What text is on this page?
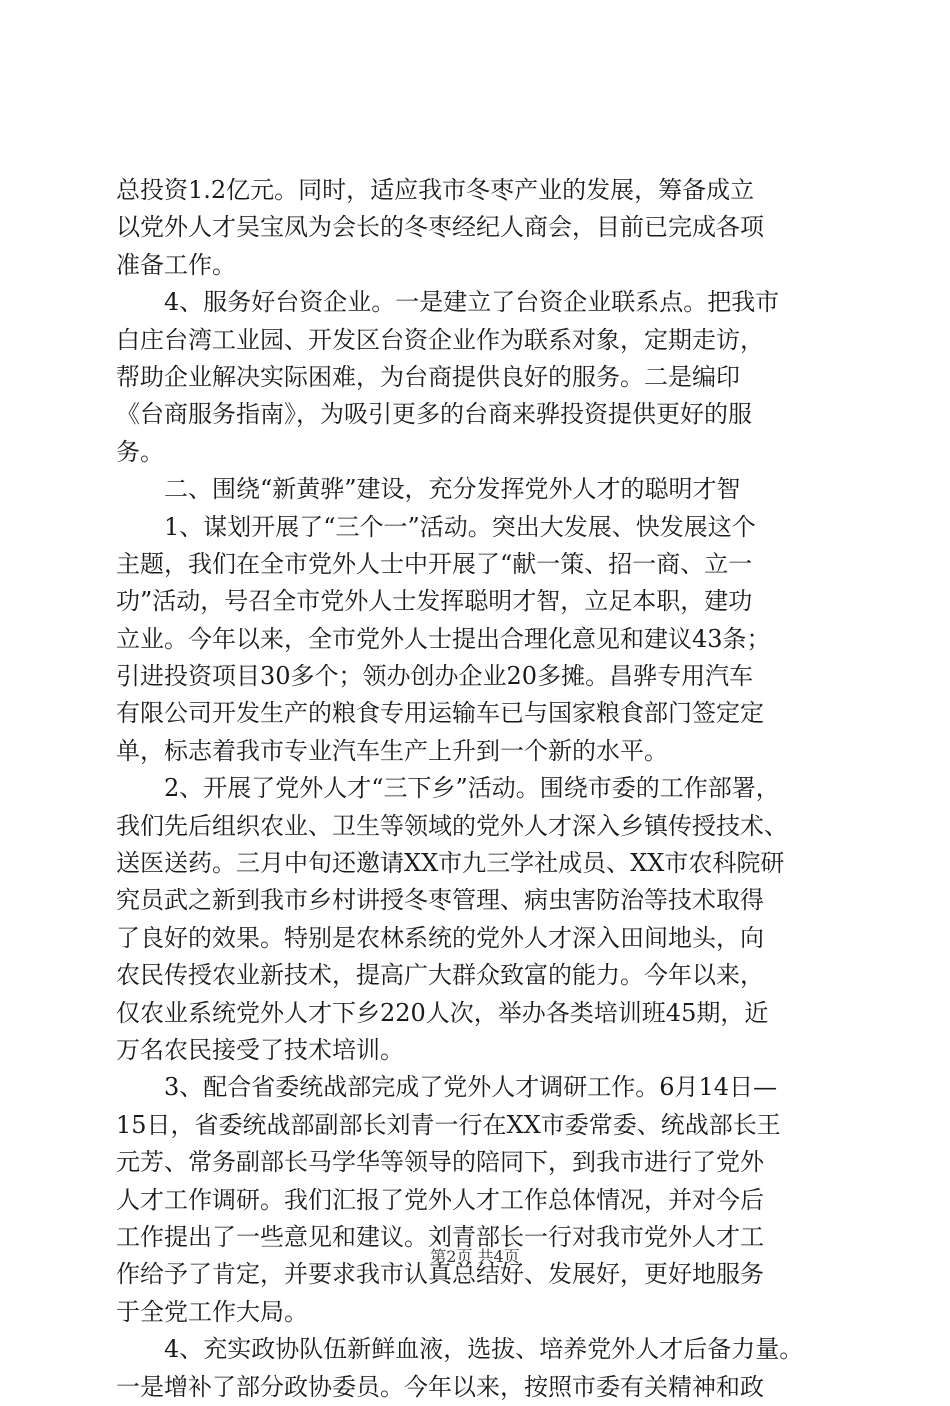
总投资1.2亿元。同时，适应我市冬枣产业的发展，筹备成立
以党外人才吴宝凤为会长的冬枣经纪人商会，目前已完成各项
准备工作。
4、服务好台资企业。一是建立了台资企业联系点。把我市
白庄台湾工业园、开发区台资企业作为联系对象，定期走访，
帮助企业解决实际困难，为台商提供良好的服务。二是编印
《台商服务指南》，为吸引更多的台商来骅投资提供更好的服
务。
二、围绕“新黄骅”建设，充分发挥党外人才的聪明才智
1、谋划开展了“三个一”活动。突出大发展、快发展这个
主题，我们在全市党外人士中开展了“献一策、招一商、立一
功”活动，号召全市党外人士发挥聪明才智，立足本职，建功
立业。今年以来，全市党外人士提出合理化意见和建议43条；
引进投资项目30多个；领办创办企业20多摊。昌骅专用汽车
有限公司开发生产的粮食专用运输车已与国家粮食部门签定定
单，标志着我市专业汽车生产上升到一个新的水平。
2、开展了党外人才“三下乡”活动。围绕市委的工作部署，
我们先后组织农业、卫生等领域的党外人才深入乡镇传授技术、
送医送药。三月中旬还邀请XX市九三学社成员、XX市农科院研
究员武之新到我市乡村讲授冬枣管理、病虫害防治等技术取得
了良好的效果。特别是农林系统的党外人才深入田间地头，向
农民传授农业新技术，提高广大群众致富的能力。今年以来，
仅农业系统党外人才下乡220人次，举办各类培训班45期，近
万名农民接受了技术培训。
3、配合省委统战部完成了党外人才调研工作。6月14日—
15日，省委统战部副部长刘青一行在XX市委常委、统战部长王
元芳、常务副部长马学华等领导的陪同下，到我市进行了党外
人才工作调研。我们汇报了党外人才工作总体情况，并对今后
工作提出了一些意见和建议。刘青部长一行对我市党外人才工
作给予了肯定，并要求我市认真总结好、发展好，更好地服务
于全党工作大局。
4、充实政协队伍新鲜血液，选拔、培养党外人才后备力量。
一是增补了部分政协委员。今年以来，按照市委有关精神和政
第2页 共4页
